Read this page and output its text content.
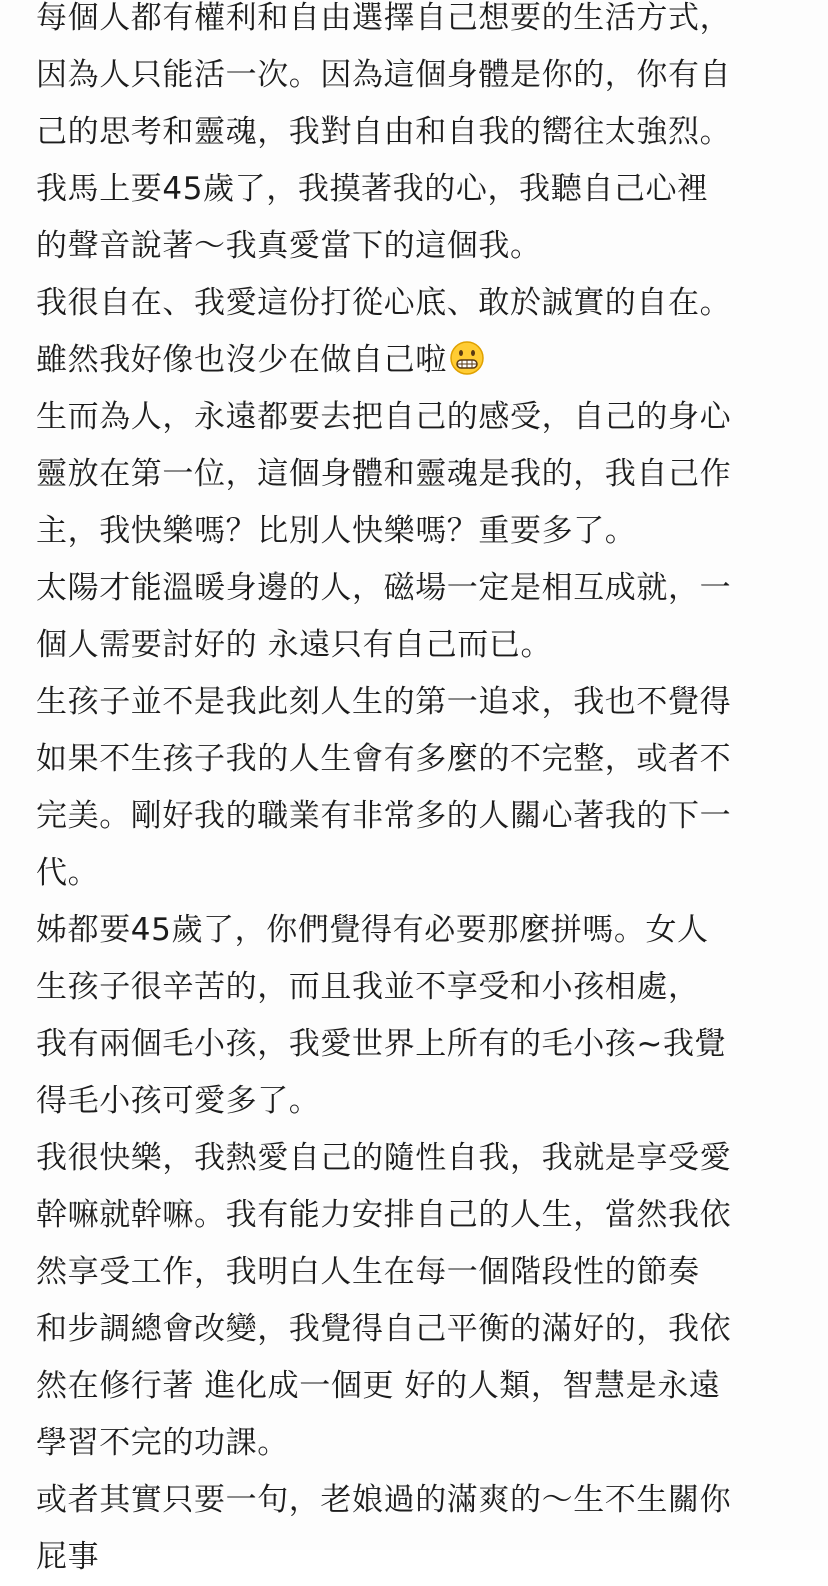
每個人都有權利和自由選擇自己想要的生活方式，
因為人只能活一次。因為這個身體是你的，你有自
己的思考和靈魂，我對自由和自我的嚮往太強烈。
我馬上要45歲了，我摸著我的心，我聽自己心裡
的聲音說著～我真愛當下的這個我。
我很自在、我愛這份打從心底、敢於誠實的自在。
雖然我好像也沒少在做自己啦
生而為人，永遠都要去把自己的感受，自己的身心
靈放在第一位，這個身體和靈魂是我的，我自己作
主，我快樂嗎？比別人快樂嗎？重要多了。
太陽才能溫暖身邊的人，磁場一定是相互成就，一
個人需要討好的 永遠只有自己而已。
生孩子並不是我此刻人生的第一追求，我也不覺得
如果不生孩子我的人生會有多麼的不完整，或者不
完美。剛好我的職業有非常多的人關心著我的下一
代。
姊都要45歲了，你們覺得有必要那麼拼嗎。女人
生孩子很辛苦的，而且我並不享受和小孩相處，
我有兩個毛小孩，我愛世界上所有的毛小孩~我覺
得毛小孩可愛多了。
我很快樂，我熱愛自己的隨性自我，我就是享受愛
幹嘛就幹嘛。我有能力安排自己的人生，當然我依
然享受工作，我明白人生在每一個階段性的節奏
和步調總會改變，我覺得自己平衡的滿好的，我依
然在修行著 進化成一個更 好的人類，智慧是永遠
學習不完的功課。
或者其實只要一句，老娘過的滿爽的～生不生關你
屁事
